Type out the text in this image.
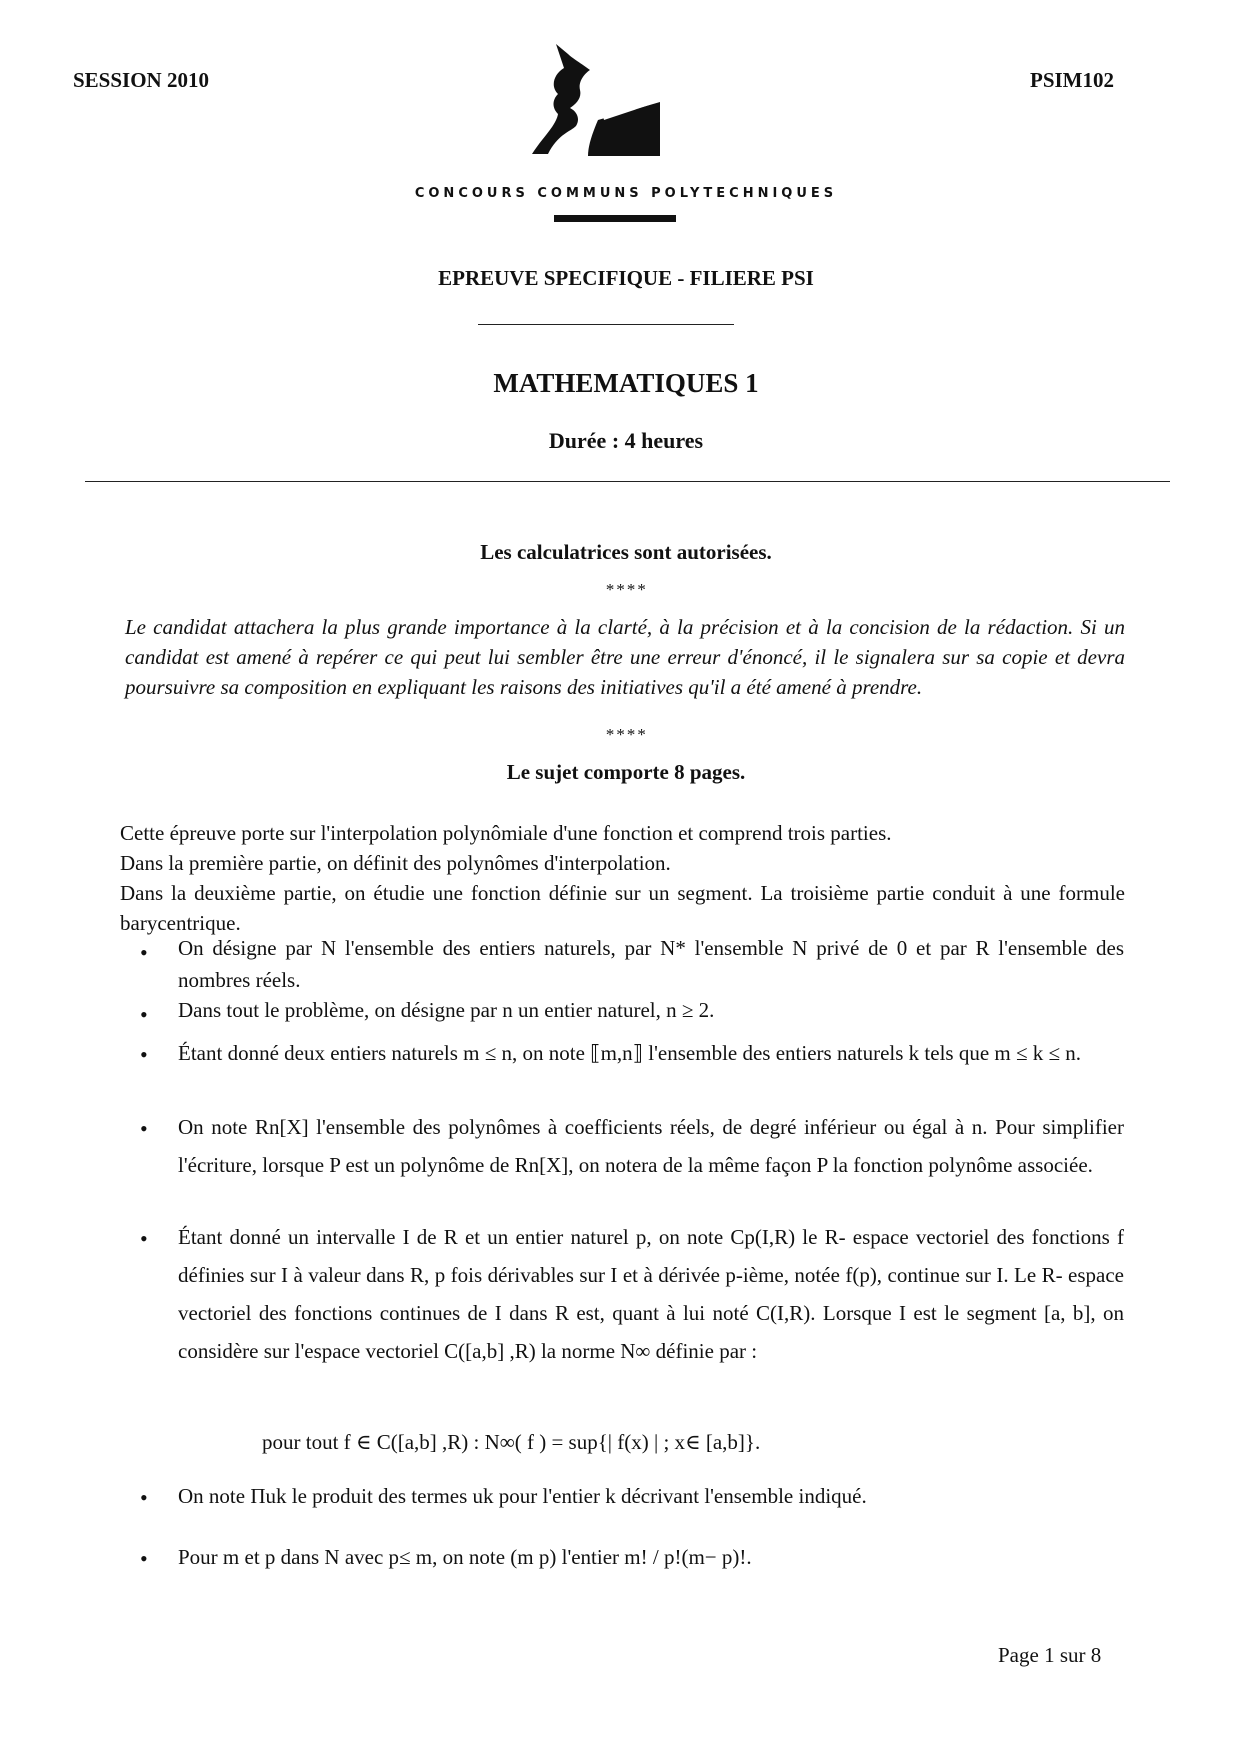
SESSION 2010	PSIM102
CONCOURS COMMUNS POLYTECHNIQUES
EPREUVE SPECIFIQUE - FILIERE PSI
MATHEMATIQUES 1
Durée : 4 heures
Les calculatrices sont autorisées.
****
Le candidat attachera la plus grande importance à la clarté, à la précision et à la concision de la rédaction. Si un candidat est amené à repérer ce qui peut lui sembler être une erreur d'énoncé, il le signalera sur sa copie et devra poursuivre sa composition en expliquant les raisons des initiatives qu'il a été amené à prendre.
****
Le sujet comporte 8 pages.
Cette épreuve porte sur l'interpolation polynômiale d'une fonction et comprend trois parties.
Dans la première partie, on définit des polynômes d'interpolation.
Dans la deuxième partie, on étudie une fonction définie sur un segment. La troisième partie conduit à une formule barycentrique.
• On désigne par N l'ensemble des entiers naturels, par N* l'ensemble N privé de 0 et par R l'ensemble des nombres réels.
• Dans tout le problème, on désigne par n un entier naturel, n ≥ 2.
• Étant donné deux entiers naturels m ≤ n, on note ⟦m,n⟧ l'ensemble des entiers naturels k tels que m ≤ k ≤ n.
• On note Rn[X] l'ensemble des polynômes à coefficients réels, de degré inférieur ou égal à n. Pour simplifier l'écriture, lorsque P est un polynôme de Rn[X], on notera de la même façon P la fonction polynôme associée.
• Étant donné un intervalle I de R et un entier naturel p, on note Cp(I,R) le R- espace vectoriel des fonctions f définies sur I à valeur dans R, p fois dérivables sur I et à dérivée p-ième, notée f(p), continue sur I. Le R- espace vectoriel des fonctions continues de I dans R est, quant à lui noté C(I,R). Lorsque I est le segment [a, b], on considère sur l'espace vectoriel C([a,b] ,R) la norme N∞ définie par :
pour tout f ∈ C([a,b] ,R) : N∞( f ) = sup{| f(x) | ; x∈ [a,b]}.
• On note Πuk le produit des termes uk pour l'entier k décrivant l'ensemble indiqué.
• Pour m et p dans N avec p≤ m, on note (m p) l'entier m! / p!(m− p)!.
Page 1 sur 8
